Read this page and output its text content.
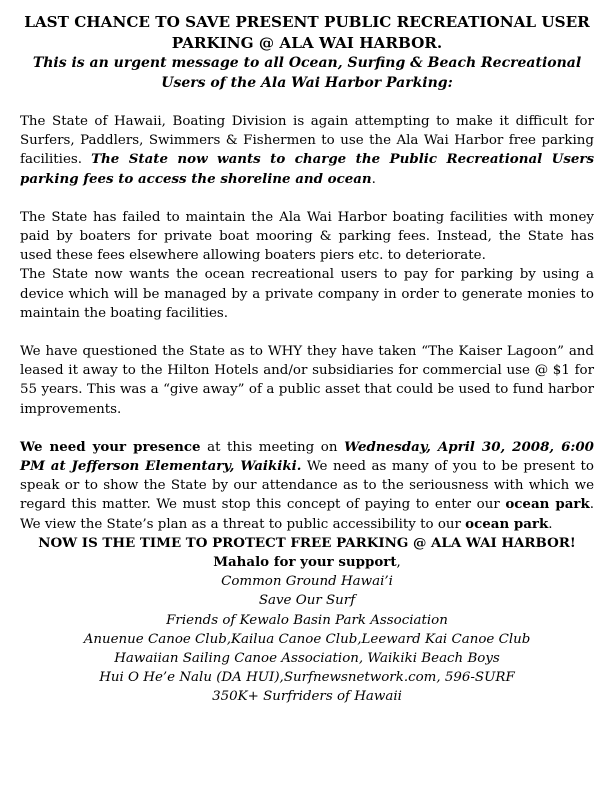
LAST CHANCE TO SAVE PRESENT PUBLIC RECREATIONAL USER PARKING @ ALA WAI HARBOR.

This is an urgent message to all Ocean, Surfing & Beach Recreational Users of the Ala Wai Harbor Parking:

The State of Hawaii, Boating Division is again attempting to make it difficult for Surfers, Paddlers, Swimmers & Fishermen to use the Ala Wai Harbor free parking facilities. The State now wants to charge the Public Recreational Users parking fees to access the shoreline and ocean.

The State has failed to maintain the Ala Wai Harbor boating facilities with money paid by boaters for private boat mooring & parking fees. Instead, the State has used these fees elsewhere allowing boaters piers etc. to deteriorate.

The State now wants the ocean recreational users to pay for parking by using a device which will be managed by a private company in order to generate monies to maintain the boating facilities.

We have questioned the State as to WHY they have taken “The Kaiser Lagoon” and leased it away to the Hilton Hotels and/or subsidiaries for commercial use @ $1 for 55 years. This was a “give away” of a public asset that could be used to fund harbor improvements.

We need your presence at this meeting on Wednesday, April 30, 2008, 6:00 PM at Jefferson Elementary, Waikiki. We need as many of you to be present to speak or to show the State by our attendance as to the seriousness with which we regard this matter. We must stop this concept of paying to enter our ocean park. We view the State’s plan as a threat to public accessibility to our ocean park.

NOW IS THE TIME TO PROTECT FREE PARKING @ ALA WAI HARBOR!

Mahalo for your support,

Common Ground Hawai’i

Save Our Surf

Friends of Kewalo Basin Park Association

Anuenue Canoe Club,Kailua Canoe Club,Leeward Kai Canoe Club

Hawaiian Sailing Canoe Association, Waikiki Beach Boys

Hui O He’e Nalu (DA HUI),Surfnewsnetwork.com, 596-SURF

350K+ Surfriders of Hawaii
